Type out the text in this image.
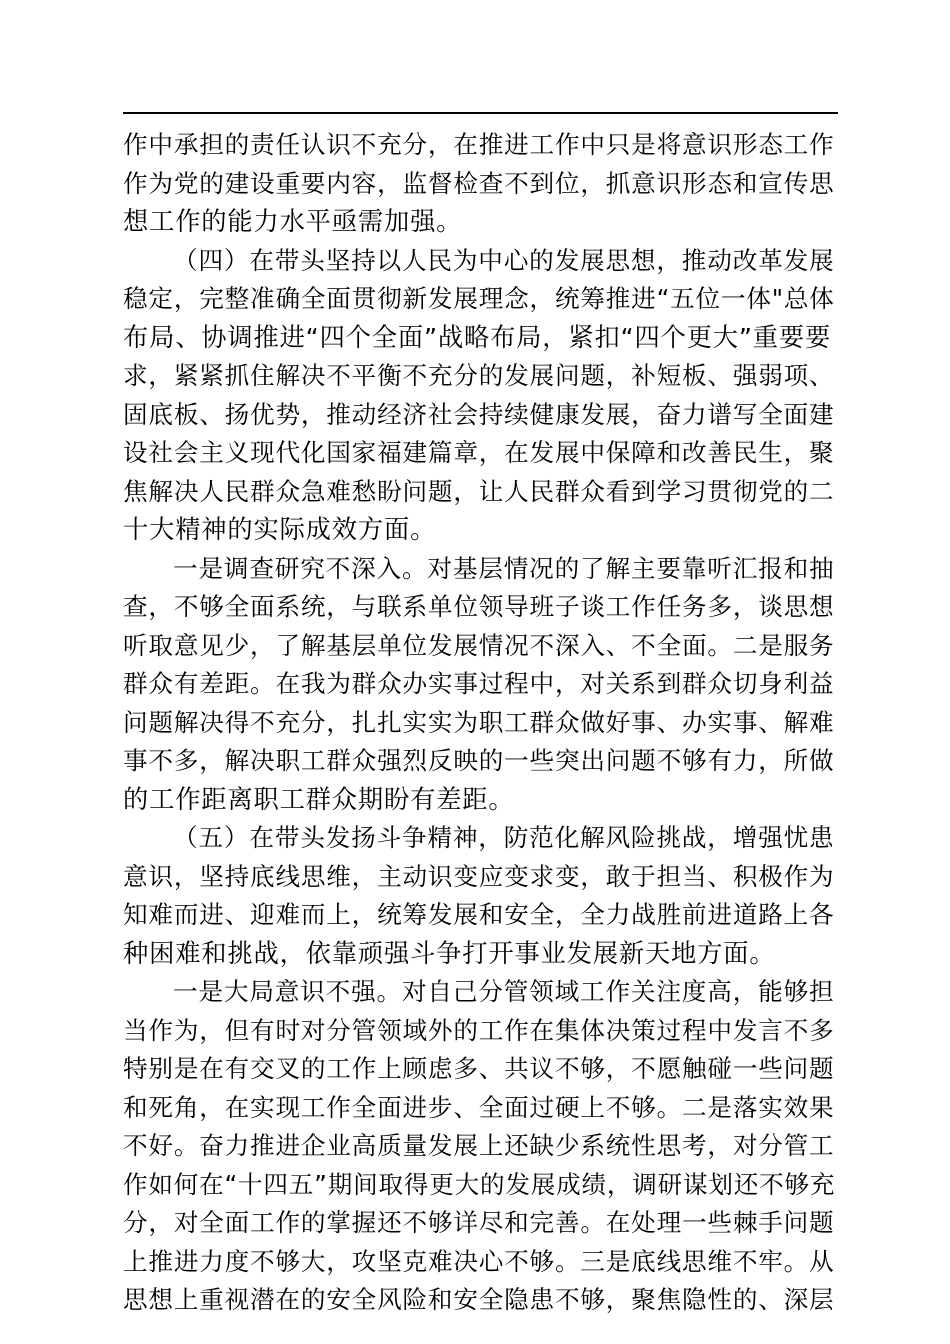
作中承担的责任认识不充分，在推进工作中只是将意识形态工作
作为党的建设重要内容，监督检查不到位，抓意识形态和宣传思
想工作的能力水平亟需加强。
（四）在带头坚持以人民为中心的发展思想，推动改革发展
稳定，完整准确全面贯彻新发展理念，统筹推进“五位一体"总体
布局、协调推进“四个全面”战略布局，紧扣“四个更大”重要要
求，紧紧抓住解决不平衡不充分的发展问题，补短板、强弱项、
固底板、扬优势，推动经济社会持续健康发展，奋力谱写全面建
设社会主义现代化国家福建篇章，在发展中保障和改善民生，聚
焦解决人民群众急难愁盼问题，让人民群众看到学习贯彻党的二
十大精神的实际成效方面。
一是调查研究不深入。对基层情况的了解主要靠听汇报和抽
查，不够全面系统，与联系单位领导班子谈工作任务多，谈思想
听取意见少，了解基层单位发展情况不深入、不全面。二是服务
群众有差距。在我为群众办实事过程中，对关系到群众切身利益
问题解决得不充分，扎扎实实为职工群众做好事、办实事、解难
事不多，解决职工群众强烈反映的一些突出问题不够有力，所做
的工作距离职工群众期盼有差距。
（五）在带头发扬斗争精神，防范化解风险挑战，增强忧患
意识，坚持底线思维，主动识变应变求变，敢于担当、积极作为
知难而进、迎难而上，统筹发展和安全，全力战胜前进道路上各
种困难和挑战，依靠顽强斗争打开事业发展新天地方面。
一是大局意识不强。对自己分管领域工作关注度高，能够担
当作为，但有时对分管领域外的工作在集体决策过程中发言不多
特别是在有交叉的工作上顾虑多、共议不够，不愿触碰一些问题
和死角，在实现工作全面进步、全面过硬上不够。二是落实效果
不好。奋力推进企业高质量发展上还缺少系统性思考，对分管工
作如何在“十四五”期间取得更大的发展成绩，调研谋划还不够充
分，对全面工作的掌握还不够详尽和完善。在处理一些棘手问题
上推进力度不够大，攻坚克难决心不够。三是底线思维不牢。从
思想上重视潜在的安全风险和安全隐患不够，聚焦隐性的、深层
